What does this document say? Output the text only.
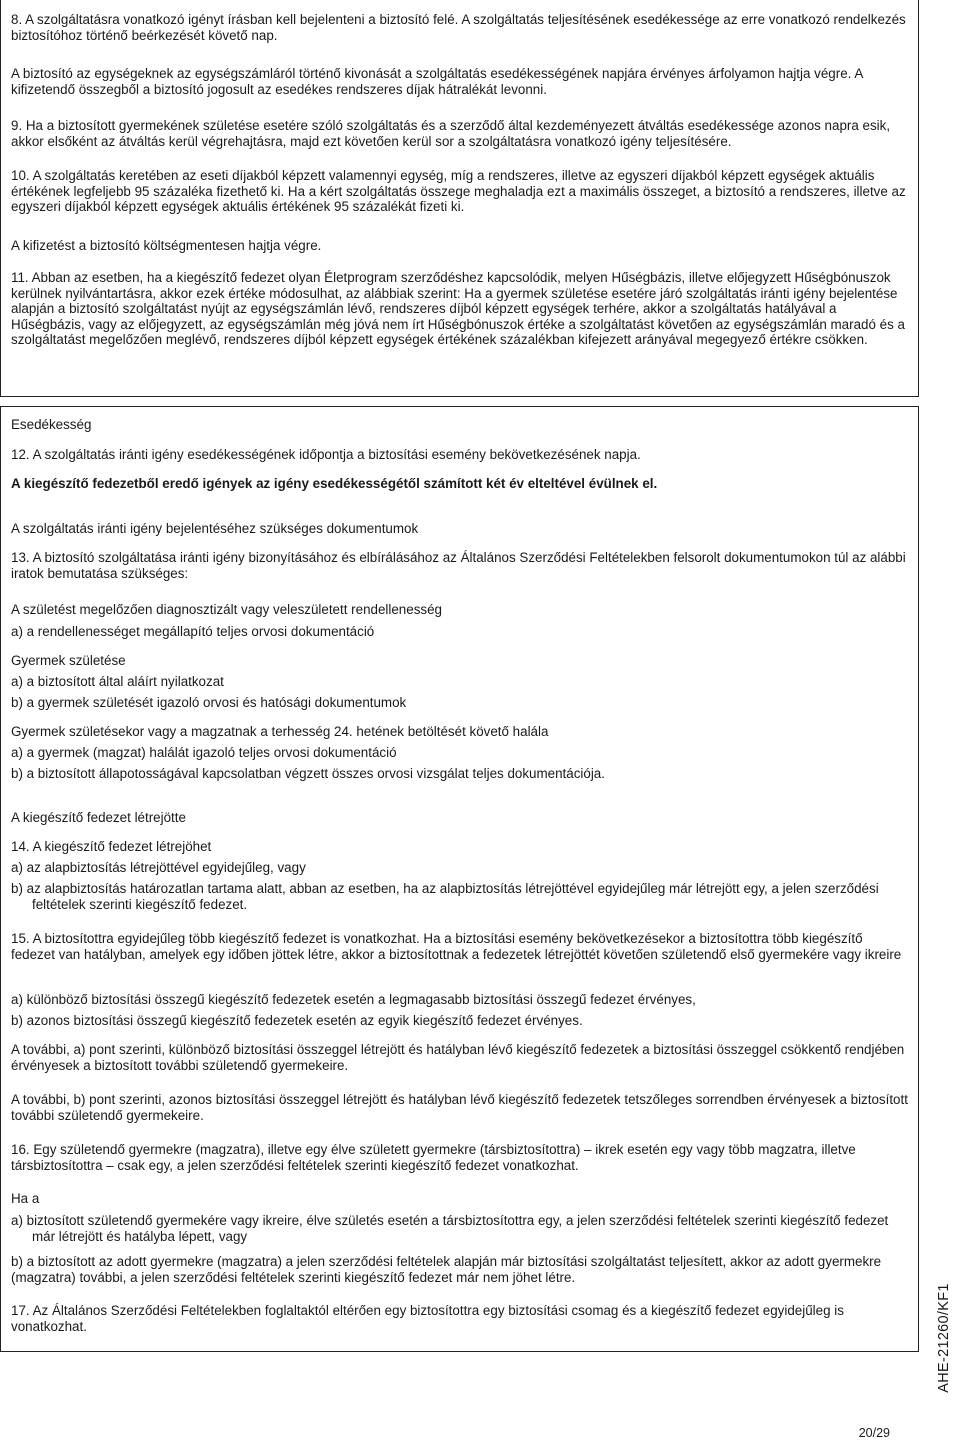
8. A szolgáltatásra vonatkozó igényt írásban kell bejelenteni a biztosító felé. A szolgáltatás teljesítésének esedékessége az erre vonatkozó rendelkezés biztosítóhoz történő beérkezését követő nap.

A biztosító az egységeknek az egységszámláról történő kivonását a szolgáltatás esedékességének napjára érvényes árfolyamon hajtja végre. A kifizetendő összegből a biztosító jogosult az esedékes rendszeres díjak hátralékát levonni.

9. Ha a biztosított gyermekének születése esetére szóló szolgáltatás és a szerződő által kezdeményezett átváltás esedékessége azonos napra esik, akkor elsőként az átváltás kerül végrehajtásra, majd ezt követően kerül sor a szolgáltatásra vonatkozó igény teljesítésére.

10. A szolgáltatás keretében az eseti díjakból képzett valamennyi egység, míg a rendszeres, illetve az egyszeri díjakból képzett egységek aktuális értékének legfeljebb 95 százaléka fizethető ki. Ha a kért szolgáltatás összege meghaladja ezt a maximális összeget, a biztosító a rendszeres, illetve az egyszeri díjakból képzett egységek aktuális értékének 95 százalékát fizeti ki.

A kifizetést a biztosító költségmentesen hajtja végre.

11. Abban az esetben, ha a kiegészítő fedezet olyan Életprogram szerződéshez kapcsolódik, melyen Hűségbázis, illetve előjegyzett Hűségbónuszok kerülnek nyilvántartásra, akkor ezek értéke módosulhat, az alábbiak szerint: Ha a gyermek születése esetére járó szolgáltatás iránti igény bejelentése alapján a biztosító szolgáltatást nyújt az egységszámlán lévő, rendszeres díjból képzett egységek terhére, akkor a szolgáltatás hatályával a Hűségbázis, vagy az előjegyzett, az egységszámlán még jóvá nem írt Hűségbónuszok értéke a szolgáltatást követően az egységszámlán maradó és a szolgáltatást megelőzően meglévő, rendszeres díjból képzett egységek értékének százalékban kifejezett arányával megegyező értékre csökken.

Esedékesség

12. A szolgáltatás iránti igény esedékességének időpontja a biztosítási esemény bekövetkezésének napja.

A kiegészítő fedezetből eredő igények az igény esedékességétől számított két év elteltével évülnek el.

A szolgáltatás iránti igény bejelentéséhez szükséges dokumentumok

13. A biztosító szolgáltatása iránti igény bizonyításához és elbírálásához az Általános Szerződési Feltételekben felsorolt dokumentumokon túl az alábbi iratok bemutatása szükséges:

A születést megelőzően diagnosztizált vagy veleszületett rendellenesség

a) a rendellenességet megállapító teljes orvosi dokumentáció

Gyermek születése

a) a biztosított által aláírt nyilatkozat

b) a gyermek születését igazoló orvosi és hatósági dokumentumok

Gyermek születésekor vagy a magzatnak a terhesség 24. hetének betöltését követő halála

a) a gyermek (magzat) halálát igazoló teljes orvosi dokumentáció

b) a biztosított állapotosságával kapcsolatban végzett összes orvosi vizsgálat teljes dokumentációja.

A kiegészítő fedezet létrejötte

14. A kiegészítő fedezet létrejöhet

a) az alapbiztosítás létrejöttével egyidejűleg, vagy

b) az alapbiztosítás határozatlan tartama alatt, abban az esetben, ha az alapbiztosítás létrejöttével egyidejűleg már létrejött egy, a jelen szerződési feltételek szerinti kiegészítő fedezet.

15. A biztosítottra egyidejűleg több kiegészítő fedezet is vonatkozhat. Ha a biztosítási esemény bekövetkezésekor a biztosítottra több kiegészítő fedezet van hatályban, amelyek egy időben jöttek létre, akkor a biztosítottnak a fedezetek létrejöttét követően születendő első gyermekére vagy ikreire

a) különböző biztosítási összegű kiegészítő fedezetek esetén a legmagasabb biztosítási összegű fedezet érvényes,

b) azonos biztosítási összegű kiegészítő fedezetek esetén az egyik kiegészítő fedezet érvényes.

A további, a) pont szerinti, különböző biztosítási összeggel létrejött és hatályban lévő kiegészítő fedezetek a biztosítási összeggel csökkentő rendjében érvényesek a biztosított további születendő gyermekeire.

A további, b) pont szerinti, azonos biztosítási összeggel létrejött és hatályban lévő kiegészítő fedezetek tetszőleges sorrendben érvényesek a biztosított további születendő gyermekeire.

16. Egy születendő gyermekre (magzatra), illetve egy élve született gyermekre (társbiztosítottra) – ikrek esetén egy vagy több magzatra, illetve társbiztosítottra – csak egy, a jelen szerződési feltételek szerinti kiegészítő fedezet vonatkozhat.

Ha a

a) biztosított születendő gyermekére vagy ikreire, élve születés esetén a társbiztosítottra egy, a jelen szerződési feltételek szerinti kiegészítő fedezet már létrejött és hatályba lépett, vagy

b) a biztosított az adott gyermekre (magzatra) a jelen szerződési feltételek alapján már biztosítási szolgáltatást teljesített, akkor az adott gyermekre (magzatra) további, a jelen szerződési feltételek szerinti kiegészítő fedezet már nem jöhet létre.

17. Az Általános Szerződési Feltételekben foglaltaktól eltérően egy biztosítottra egy biztosítási csomag és a kiegészítő fedezet egyidejűleg is vonatkozhat.	AHE-21260/KF1
20/29
